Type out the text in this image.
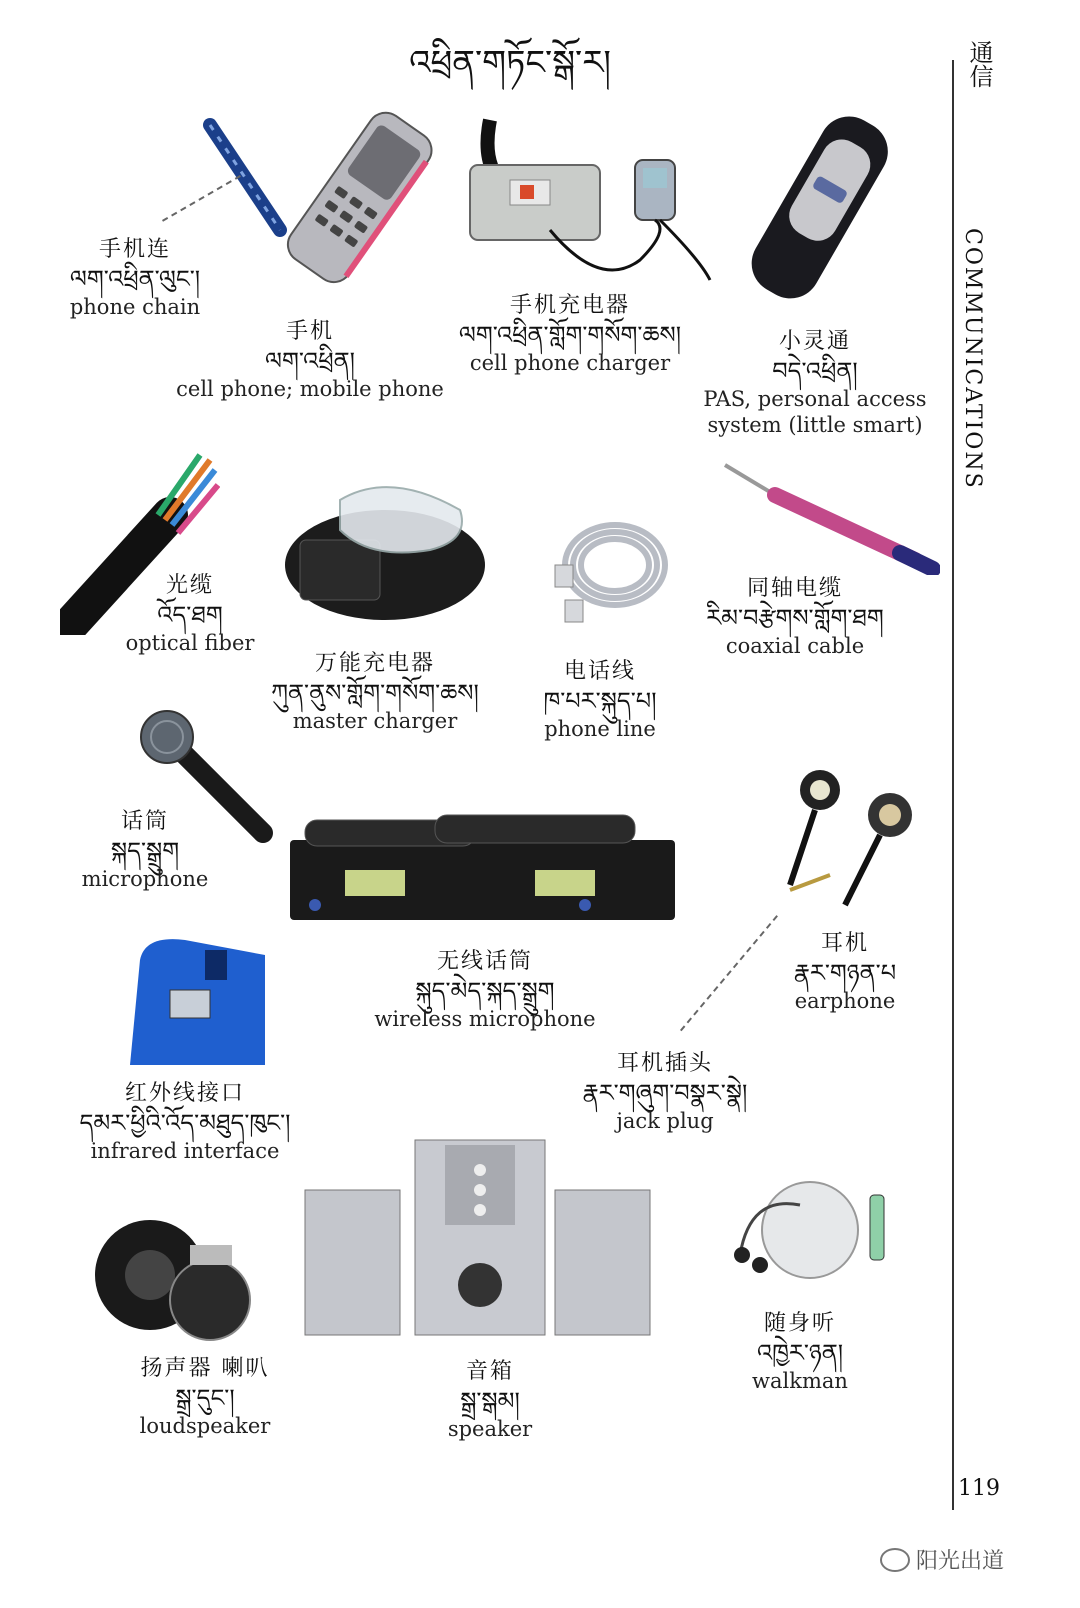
འཕྲིན་གཏོང་སྒོ་ར།	通信
COMMUNICATIONS
119
阳光出道
手机连
ལག་འཕྲིན་ལུང་།
phone chain
手机
ལག་འཕྲིན།
cell phone; mobile phone
手机充电器
ལག་འཕྲིན་གློག་གསོག་ཆས།
cell phone charger
小灵通
བདེ་འཕྲིན།
PAS, personal access
system (little smart)
光缆
འོད་ཐག
optical fiber
万能充电器
ཀུན་ནུས་གློག་གསོག་ཆས།
master charger
电话线
ཁ་པར་སྐུད་པ།
phone line
同轴电缆
རིམ་བརྩེགས་གློག་ཐག
coaxial cable
话筒
སྐད་སྒྲུག
microphone
无线话筒
སྐུད་མེད་སྐད་སྒྲུག
wireless microphone
耳机
རྣར་གཉན་པ
earphone
耳机插头
རྣར་གཞུག་བསྣར་སྣེ།
jack plug
红外线接口
དམར་ཕྱིའི་འོད་མཐུད་ཁུང་།
infrared interface
扬声器 喇叭
སྒྲ་དུང་།
loudspeaker
音箱
སྒྲ་སྒམ།
speaker
随身听
འཁྱེར་ཉན།
walkman
